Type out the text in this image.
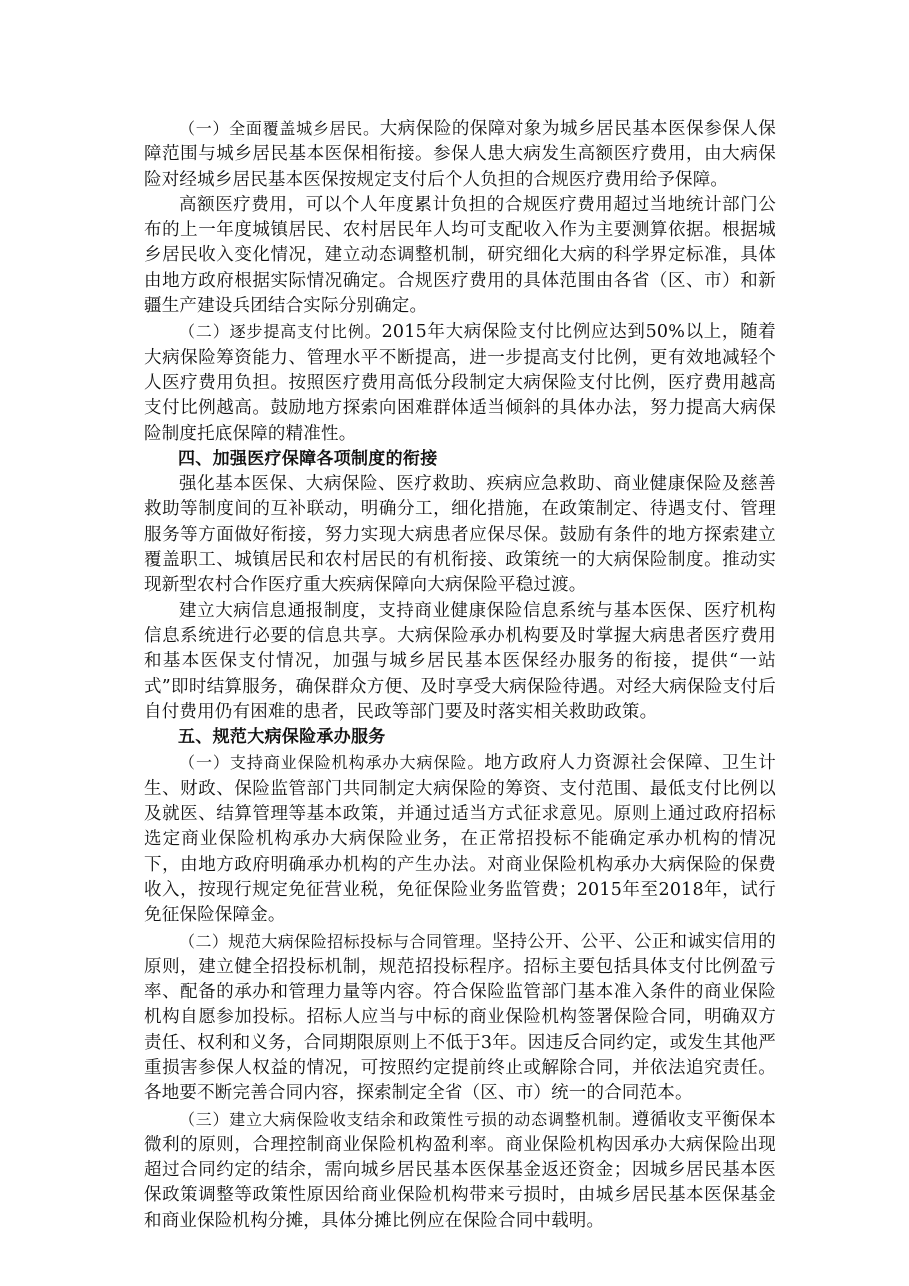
（一）全面覆盖城乡居民。大病保险的保障对象为城乡居民基本医保参保人保障范围与城乡居民基本医保相衔接。参保人患大病发生高额医疗费用，由大病保险对经城乡居民基本医保按规定支付后个人负担的合规医疗费用给予保障。

高额医疗费用，可以个人年度累计负担的合规医疗费用超过当地统计部门公布的上一年度城镇居民、农村居民年人均可支配收入作为主要测算依据。根据城乡居民收入变化情况，建立动态调整机制，研究细化大病的科学界定标准，具体由地方政府根据实际情况确定。合规医疗费用的具体范围由各省（区、市）和新疆生产建设兵团结合实际分别确定。

（二）逐步提高支付比例。2015年大病保险支付比例应达到50%以上，随着大病保险筹资能力、管理水平不断提高，进一步提高支付比例，更有效地减轻个人医疗费用负担。按照医疗费用高低分段制定大病保险支付比例，医疗费用越高支付比例越高。鼓励地方探索向困难群体适当倾斜的具体办法，努力提高大病保险制度托底保障的精准性。

四、加强医疗保障各项制度的衔接

强化基本医保、大病保险、医疗救助、疾病应急救助、商业健康保险及慈善救助等制度间的互补联动，明确分工，细化措施，在政策制定、待遇支付、管理服务等方面做好衔接，努力实现大病患者应保尽保。鼓励有条件的地方探索建立覆盖职工、城镇居民和农村居民的有机衔接、政策统一的大病保险制度。推动实现新型农村合作医疗重大疾病保障向大病保险平稳过渡。

建立大病信息通报制度，支持商业健康保险信息系统与基本医保、医疗机构信息系统进行必要的信息共享。大病保险承办机构要及时掌握大病患者医疗费用和基本医保支付情况，加强与城乡居民基本医保经办服务的衔接，提供“一站式”即时结算服务，确保群众方便、及时享受大病保险待遇。对经大病保险支付后自付费用仍有困难的患者，民政等部门要及时落实相关救助政策。

五、规范大病保险承办服务

（一）支持商业保险机构承办大病保险。地方政府人力资源社会保障、卫生计生、财政、保险监管部门共同制定大病保险的筹资、支付范围、最低支付比例以及就医、结算管理等基本政策，并通过适当方式征求意见。原则上通过政府招标选定商业保险机构承办大病保险业务，在正常招投标不能确定承办机构的情况下，由地方政府明确承办机构的产生办法。对商业保险机构承办大病保险的保费收入，按现行规定免征营业税，免征保险业务监管费；2015年至2018年，试行免征保险保障金。

（二）规范大病保险招标投标与合同管理。坚持公开、公平、公正和诚实信用的原则，建立健全招投标机制，规范招投标程序。招标主要包括具体支付比例盈亏率、配备的承办和管理力量等内容。符合保险监管部门基本准入条件的商业保险机构自愿参加投标。招标人应当与中标的商业保险机构签署保险合同，明确双方责任、权利和义务，合同期限原则上不低于3年。因违反合同约定，或发生其他严重损害参保人权益的情况，可按照约定提前终止或解除合同，并依法追究责任。各地要不断完善合同内容，探索制定全省（区、市）统一的合同范本。

（三）建立大病保险收支结余和政策性亏损的动态调整机制。遵循收支平衡保本微利的原则，合理控制商业保险机构盈利率。商业保险机构因承办大病保险出现超过合同约定的结余，需向城乡居民基本医保基金返还资金；因城乡居民基本医保政策调整等政策性原因给商业保险机构带来亏损时，由城乡居民基本医保基金和商业保险机构分摊，具体分摊比例应在保险合同中载明。
